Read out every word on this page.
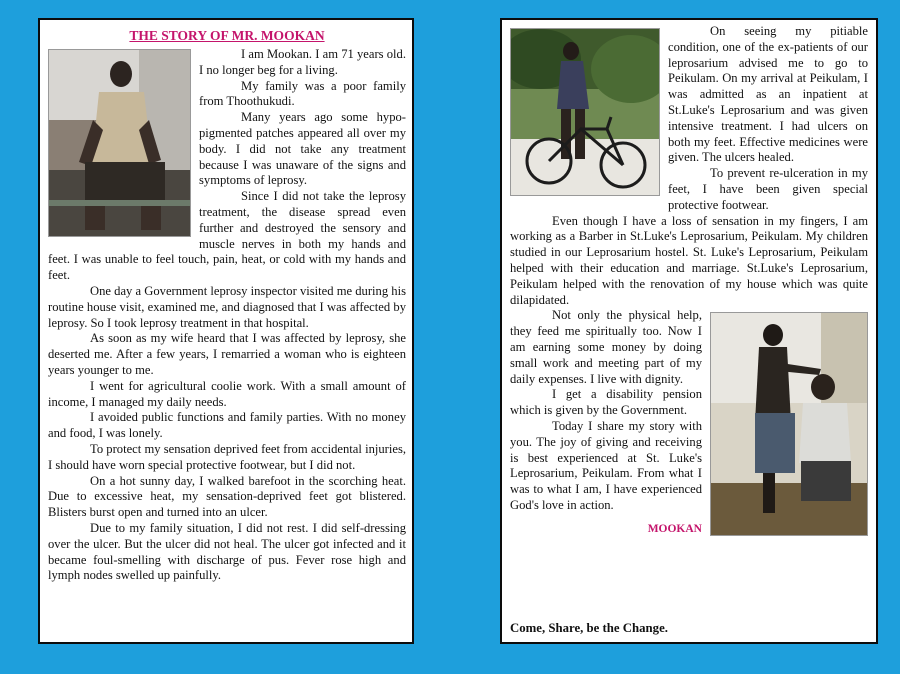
THE STORY OF MR. MOOKAN

I am Mookan. I am 71 years old. I no longer beg for a living.

My family was a poor family from Thoothukudi.

Many years ago some hypo-pigmented patches appeared all over my body. I did not take any treatment because I was unaware of the signs and symptoms of leprosy.

Since I did not take the leprosy treatment, the disease spread even further and destroyed the sensory and muscle nerves in both my hands and feet. I was unable to feel touch, pain, heat, or cold with my hands and feet.

One day a Government leprosy inspector visited me during his routine house visit, examined me, and diagnosed that I was affected by leprosy. So I took leprosy treatment in that hospital.

As soon as my wife heard that I was affected by leprosy, she deserted me. After a few years, I remarried a woman who is eighteen years younger to me.

I went for agricultural coolie work. With a small amount of income, I managed my daily needs.

I avoided public functions and family parties. With no money and food, I was lonely.

To protect my sensation deprived feet from accidental injuries, I should have worn special protective footwear, but I did not.

On a hot sunny day, I walked barefoot in the scorching heat. Due to excessive heat, my sensation-deprived feet got blistered. Blisters burst open and turned into an ulcer.

Due to my family situation, I did not rest. I did self-dressing over the ulcer. But the ulcer did not heal. The ulcer got infected and it became foul-smelling with discharge of pus. Fever rose high and lymph nodes swelled up painfully.

On seeing my pitiable condition, one of the ex-patients of our leprosarium advised me to go to Peikulam. On my arrival at Peikulam, I was admitted as an inpatient at St.Luke's Leprosarium and was given intensive treatment. I had ulcers on both my feet. Effective medicines were given. The ulcers healed.

To prevent re-ulceration in my feet, I have been given special protective footwear.

Even though I have a loss of sensation in my fingers, I am working as a Barber in St.Luke's Leprosarium, Peikulam. My children studied in our Leprosarium hostel. St. Luke's Leprosarium, Peikulam helped with their education and marriage. St.Luke's Leprosarium, Peikulam helped with the renovation of my house which was quite dilapidated.

Not only the physical help, they feed me spiritually too. Now I am earning some money by doing small work and meeting part of my daily expenses. I live with dignity.

I get a disability pension which is given by the Government.

Today I share my story with you. The joy of giving and receiving is best experienced at St. Luke's Leprosarium, Peikulam. From what I was to what I am, I have experienced God's love in action.

MOOKAN
Come, Share, be the Change.
